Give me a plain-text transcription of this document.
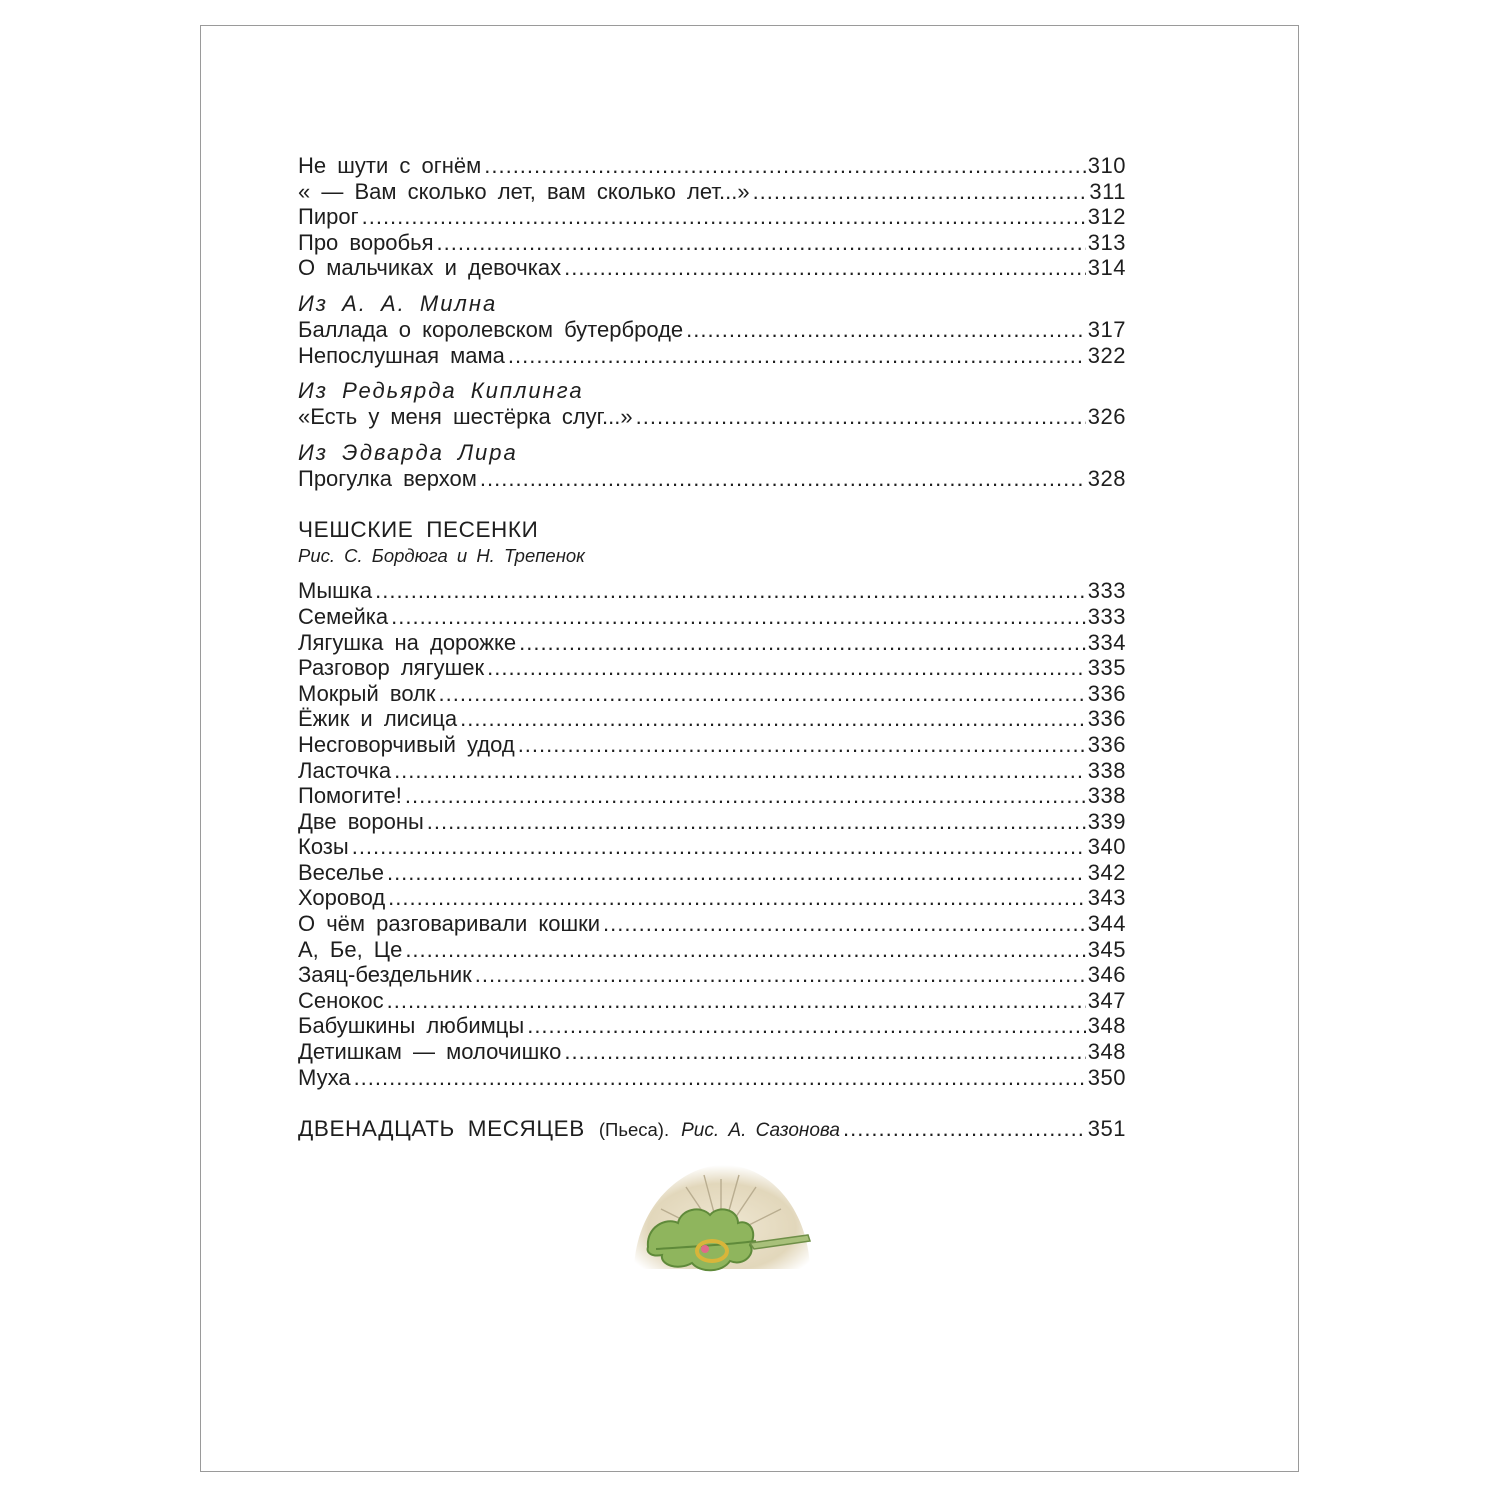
Не шути с огнём .....	310
« — Вам сколько лет, вам сколько лет...» .....	311
Пирог .....	312
Про воробья .....	313
О мальчиках и девочках .....	314
Из А. А. Милна
Баллада о королевском бутерброде .....	317
Непослушная мама .....	322
Из Редьярда Киплинга
«Есть у меня шестёрка слуг...» .....	326
Из Эдварда Лира
Прогулка верхом .....	328
ЧЕШСКИЕ ПЕСЕНКИ
Рис. С. Бордюга и Н. Трепенок
Мышка .....	333
Семейка .....	333
Лягушка на дорожке .....	334
Разговор лягушек .....	335
Мокрый волк .....	336
Ёжик и лисица .....	336
Несговорчивый удод .....	336
Ласточка .....	338
Помогите! .....	338
Две вороны .....	339
Козы .....	340
Веселье .....	342
Хоровод .....	343
О чём разговаривали кошки .....	344
А, Бе, Це .....	345
Заяц-бездельник .....	346
Сенокос .....	347
Бабушкины любимцы .....	348
Детишкам — молочишко .....	348
Муха .....	350
ДВЕНАДЦАТЬ МЕСЯЦЕВ (Пьеса). Рис. А. Сазонова .....	351
